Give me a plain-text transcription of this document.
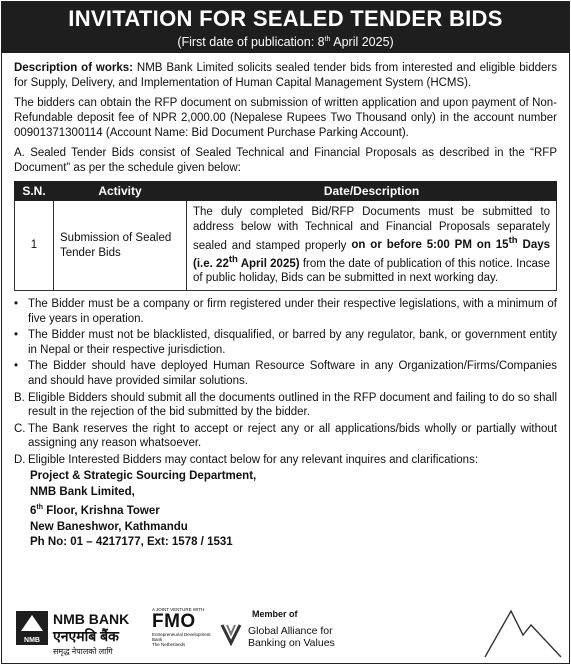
INVITATION FOR SEALED TENDER BIDS
(First date of publication: 8th April 2025)

Description of works: NMB Bank Limited solicits sealed tender bids from interested and eligible bidders for Supply, Delivery, and Implementation of Human Capital Management System (HCMS).

The bidders can obtain the RFP document on submission of written application and upon payment of Non-Refundable deposit fee of NPR 2,000.00 (Nepalese Rupees Two Thousand only) in the account number 00901371300114 (Account Name: Bid Document Purchase Parking Account).

A. Sealed Tender Bids consist of Sealed Technical and Financial Proposals as described in the “RFP Document” as per the schedule given below:

S.N.	Activity	Date/Description
1	Submission of Sealed Tender Bids	The duly completed Bid/RFP Documents must be submitted to address below with Technical and Financial Proposals separately sealed and stamped properly on or before 5:00 PM on 15th Days (i.e. 22th April 2025) from the date of publication of this notice. Incase of public holiday, Bids can be submitted in next working day.
• The Bidder must be a company or firm registered under their respective legislations, with a minimum of five years in operation.
• The Bidder must not be blacklisted, disqualified, or barred by any regulator, bank, or government entity in Nepal or their respective jurisdiction.
• The Bidder should have deployed Human Resource Software in any Organization/Firms/Companies and should have provided similar solutions.
B. Eligible Bidders should submit all the documents outlined in the RFP document and failing to do so shall result in the rejection of the bid submitted by the bidder.
C. The Bank reserves the right to accept or reject any or all applications/bids wholly or partially without assigning any reason whatsoever.
D. Eligible Interested Bidders may contact below for any relevant inquires and clarifications:
Project & Strategic Sourcing Department,
NMB Bank Limited,
6th Floor, Krishna Tower
New Baneshwor, Kathmandu
Ph No: 01 – 4217177, Ext: 1578 / 1531
NMB
NMB BANK
एनएमबि बैंक
समृद्ध नेपालको लागि
A JOINT VENTURE WITH
FMO
Entrepreneurial Development Bank
The Netherlands
Member of
Global Alliance for
Banking on Values
